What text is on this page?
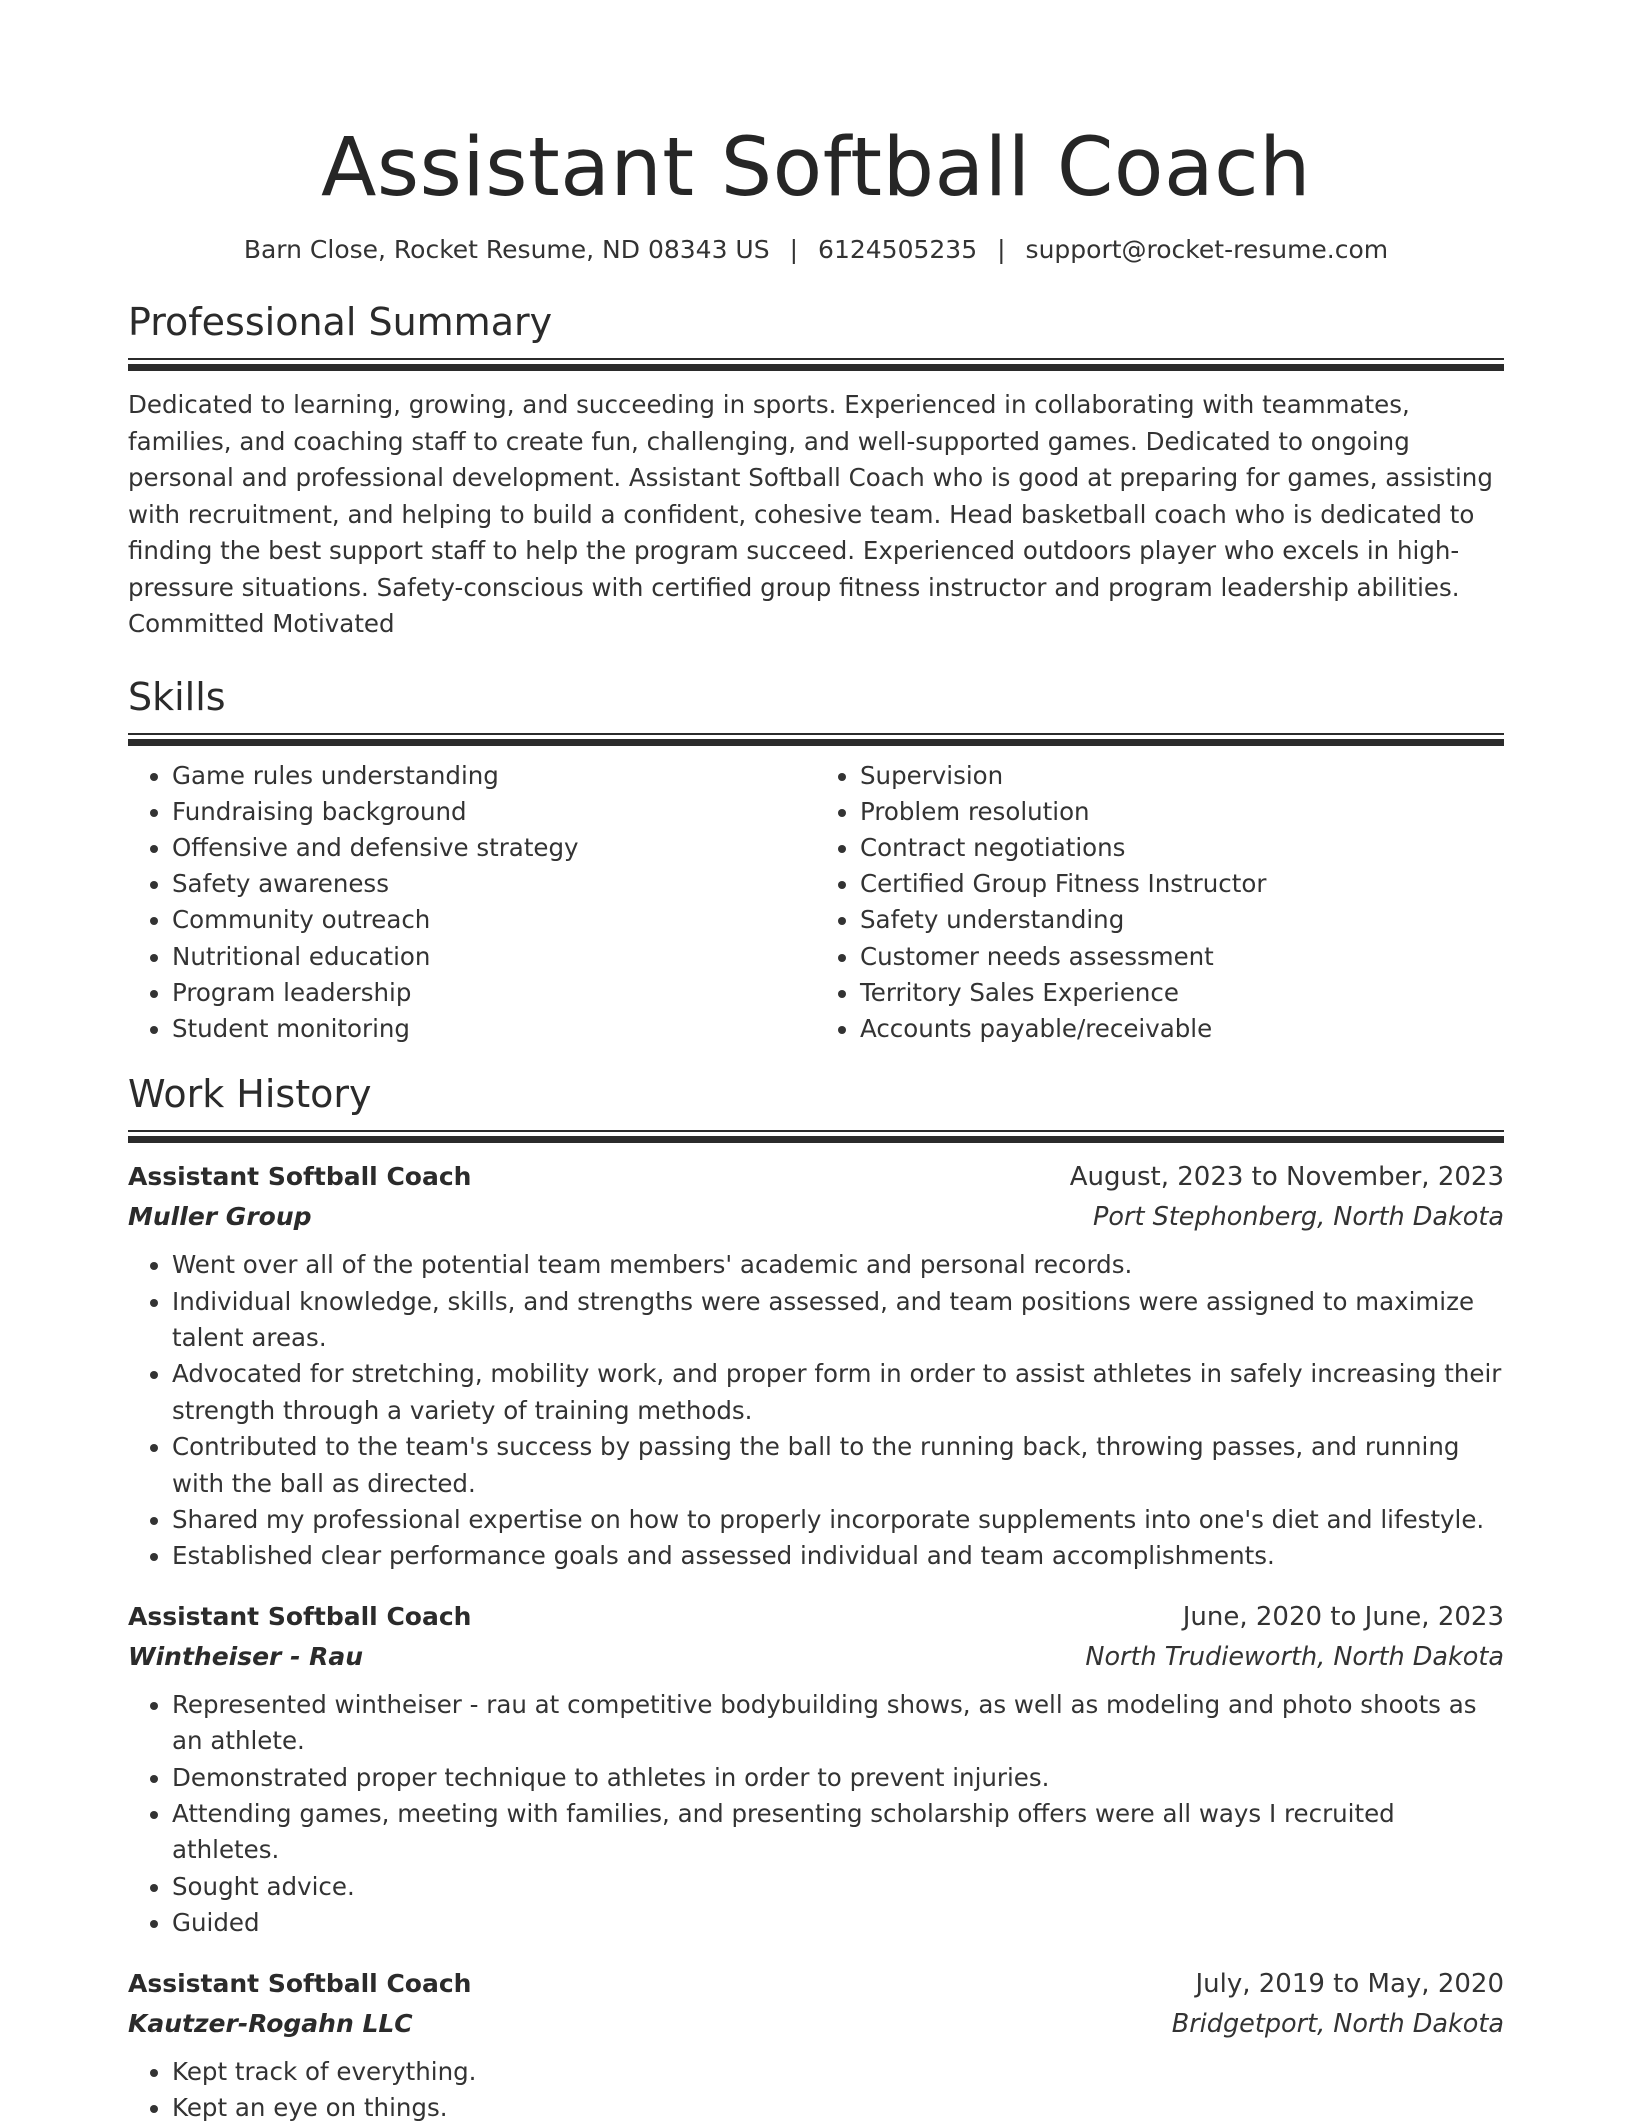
Assistant Softball Coach
Barn Close, Rocket Resume, ND 08343 US | 6124505235 | support@rocket-resume.com
Professional Summary

Dedicated to learning, growing, and succeeding in sports. Experienced in collaborating with teammates, families, and coaching staff to create fun, challenging, and well-supported games. Dedicated to ongoing personal and professional development. Assistant Softball Coach who is good at preparing for games, assisting with recruitment, and helping to build a confident, cohesive team. Head basketball coach who is dedicated to finding the best support staff to help the program succeed. Experienced outdoors player who excels in high-pressure situations. Safety-conscious with certified group fitness instructor and program leadership abilities. Committed Motivated

Skills
• Game rules understanding
• Fundraising background
• Offensive and defensive strategy
• Safety awareness
• Community outreach
• Nutritional education
• Program leadership
• Student monitoring
• Supervision
• Problem resolution
• Contract negotiations
• Certified Group Fitness Instructor
• Safety understanding
• Customer needs assessment
• Territory Sales Experience
• Accounts payable/receivable
Work History
Assistant Softball Coach	August, 2023 to November, 2023
Muller Group	Port Stephonberg, North Dakota
• Went over all of the potential team members' academic and personal records.
• Individual knowledge, skills, and strengths were assessed, and team positions were assigned to maximize talent areas.
• Advocated for stretching, mobility work, and proper form in order to assist athletes in safely increasing their strength through a variety of training methods.
• Contributed to the team's success by passing the ball to the running back, throwing passes, and running with the ball as directed.
• Shared my professional expertise on how to properly incorporate supplements into one's diet and lifestyle.
• Established clear performance goals and assessed individual and team accomplishments.
Assistant Softball Coach	June, 2020 to June, 2023
Wintheiser - Rau	North Trudieworth, North Dakota
• Represented wintheiser - rau at competitive bodybuilding shows, as well as modeling and photo shoots as an athlete.
• Demonstrated proper technique to athletes in order to prevent injuries.
• Attending games, meeting with families, and presenting scholarship offers were all ways I recruited athletes.
• Sought advice.
• Guided
Assistant Softball Coach	July, 2019 to May, 2020
Kautzer-Rogahn LLC	Bridgetport, North Dakota
• Kept track of everything.
• Kept an eye on things.
